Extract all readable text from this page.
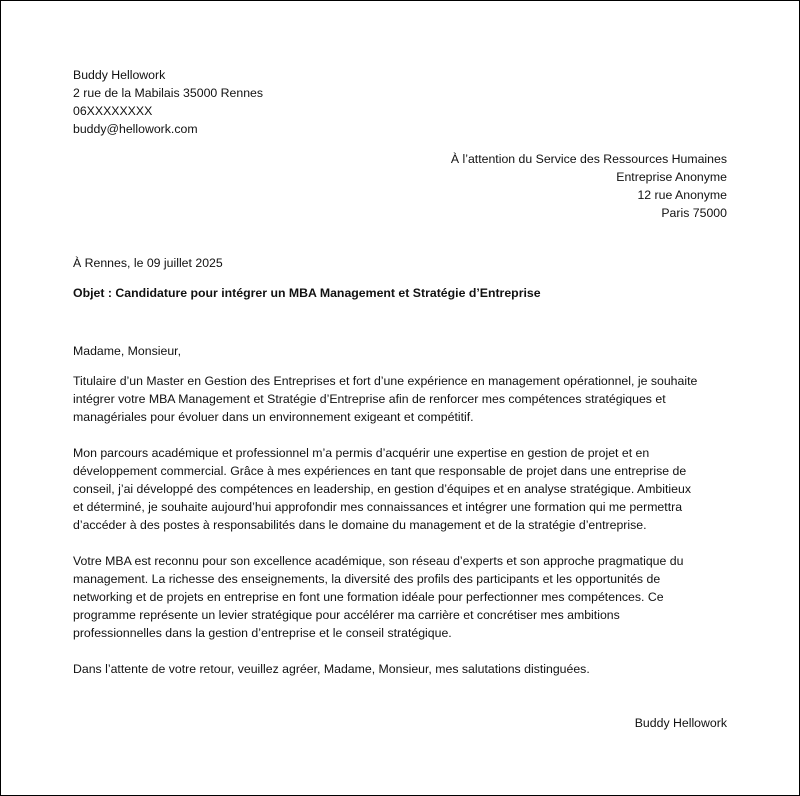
Buddy Hellowork
2 rue de la Mabilais 35000 Rennes
06XXXXXXXX
buddy@hellowork.com
À l’attention du Service des Ressources Humaines
Entreprise Anonyme
12 rue Anonyme
Paris 75000
À Rennes, le 09 juillet 2025
Objet : Candidature pour intégrer un MBA Management et Stratégie d’Entreprise
Madame, Monsieur,
Titulaire d’un Master en Gestion des Entreprises et fort d’une expérience en management opérationnel, je souhaite
intégrer votre MBA Management et Stratégie d’Entreprise afin de renforcer mes compétences stratégiques et
managériales pour évoluer dans un environnement exigeant et compétitif.
Mon parcours académique et professionnel m’a permis d’acquérir une expertise en gestion de projet et en
développement commercial. Grâce à mes expériences en tant que responsable de projet dans une entreprise de
conseil, j’ai développé des compétences en leadership, en gestion d’équipes et en analyse stratégique. Ambitieux
et déterminé, je souhaite aujourd’hui approfondir mes connaissances et intégrer une formation qui me permettra
d’accéder à des postes à responsabilités dans le domaine du management et de la stratégie d’entreprise.
Votre MBA est reconnu pour son excellence académique, son réseau d’experts et son approche pragmatique du
management. La richesse des enseignements, la diversité des profils des participants et les opportunités de
networking et de projets en entreprise en font une formation idéale pour perfectionner mes compétences. Ce
programme représente un levier stratégique pour accélérer ma carrière et concrétiser mes ambitions
professionnelles dans la gestion d’entreprise et le conseil stratégique.
Dans l’attente de votre retour, veuillez agréer, Madame, Monsieur, mes salutations distinguées.
Buddy Hellowork
